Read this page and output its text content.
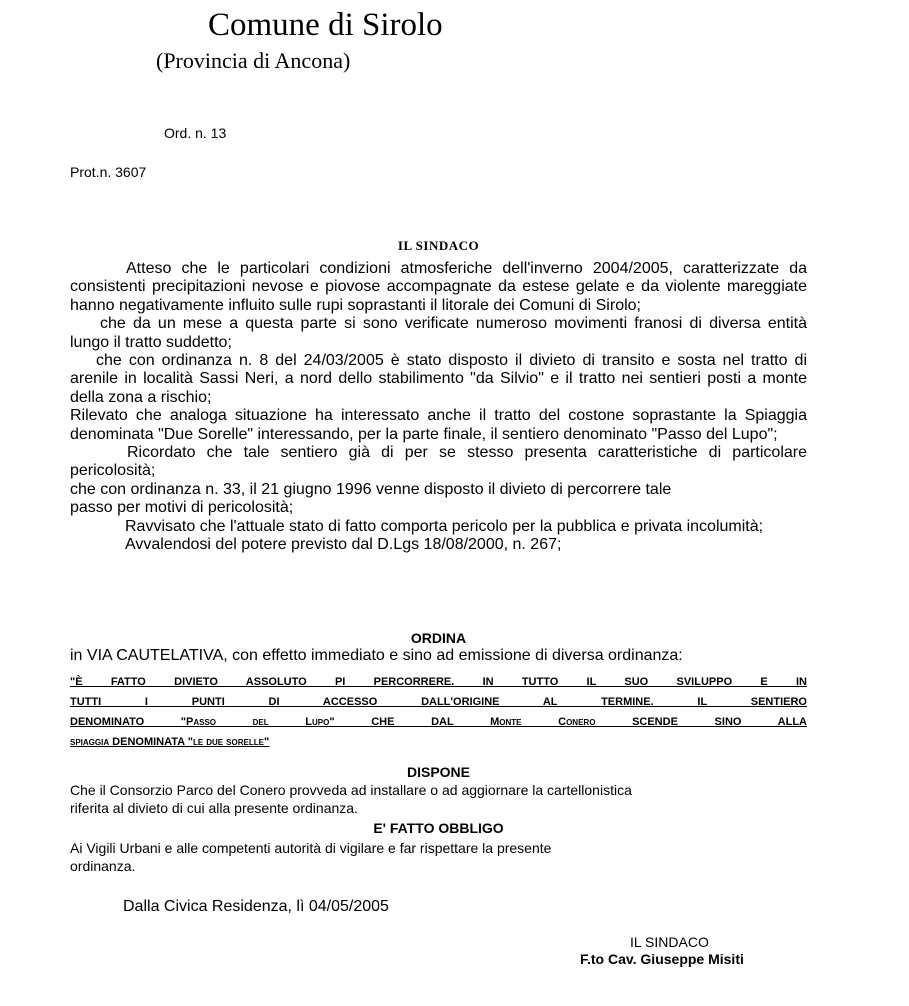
Comune di Sirolo
(Provincia di Ancona)
Ord. n. 13
Prot.n. 3607
IL SINDACO

Atteso che le particolari condizioni atmosferiche dell'inverno 2004/2005, caratterizzate da consistenti precipitazioni nevose e piovose accompagnate da estese gelate e da violente mareggiate hanno negativamente influito sulle rupi soprastanti il litorale dei Comuni di Sirolo;

che da un mese a questa parte si sono verificate numeroso movimenti franosi di diversa entità lungo il tratto suddetto;

che con ordinanza n. 8 del 24/03/2005 è stato disposto il divieto di transito e sosta nel tratto di arenile in località Sassi Neri, a nord dello stabilimento "da Silvio" e il tratto nei sentieri posti a monte della zona a rischio;

Rilevato che analoga situazione ha interessato anche il tratto del costone soprastante la Spiaggia denominata "Due Sorelle" interessando, per la parte finale, il sentiero denominato "Passo del Lupo";

Ricordato che tale sentiero già di per se stesso presenta caratteristiche di particolare pericolosità;

che con ordinanza n. 33, il 21 giugno 1996 venne disposto il divieto di percorrere tale

passo per motivi di pericolosità;

Ravvisato che l'attuale stato di fatto comporta pericolo per la pubblica e privata incolumità;

Avvalendosi del potere previsto dal D.Lgs 18/08/2000, n. 267;

ORDINA
in VIA CAUTELATIVA, con effetto immediato e sino ad emissione di diversa ordinanza:
"È FATTO DIVIETO ASSOLUTO PI PERCORRERE. IN TUTTO IL SUO SVILUPPO E IN
TUTTI I PUNTI DI ACCESSO DALL'ORIGINE AL TERMINE. IL SENTIERO
DENOMINATO "Passo del Lupo" CHE DAL Monte Conero SCENDE SINO ALLA
spiaggia DENOMINATA "le due sorelle"
DISPONE
Che il Consorzio Parco del Conero provveda ad installare o ad aggiornare la cartellonistica
riferita al divieto di cui alla presente ordinanza.
E' FATTO OBBLIGO
Ai Vigili Urbani e alle competenti autorità di vigilare e far rispettare la presente
ordinanza.
Dalla Civica Residenza, lì 04/05/2005
IL SINDACO
F.to Cav. Giuseppe Misiti
